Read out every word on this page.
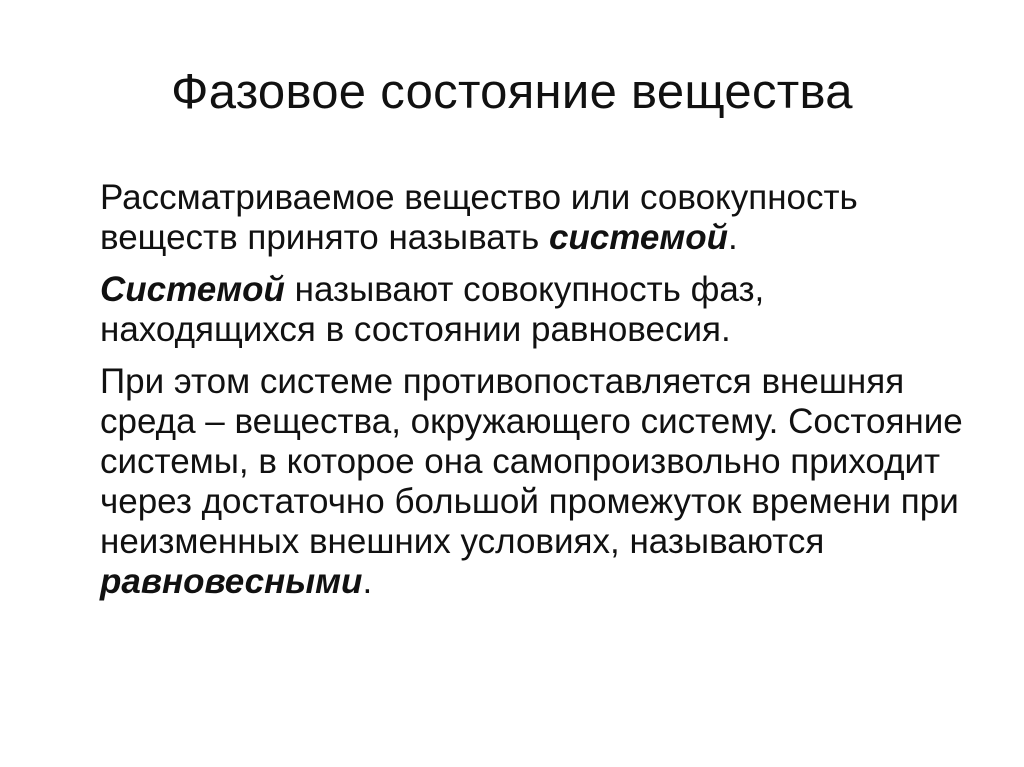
Фазовое состояние вещества

Рассматриваемое вещество или совокупность веществ принято называть системой.

Системой называют совокупность фаз, находящихся в состоянии равновесия.

При этом системе противопоставляется внешняя среда – вещества, окружающего систему. Состояние системы, в которое она самопроизвольно приходит через достаточно большой промежуток времени при неизменных внешних условиях, называются равновесными.
